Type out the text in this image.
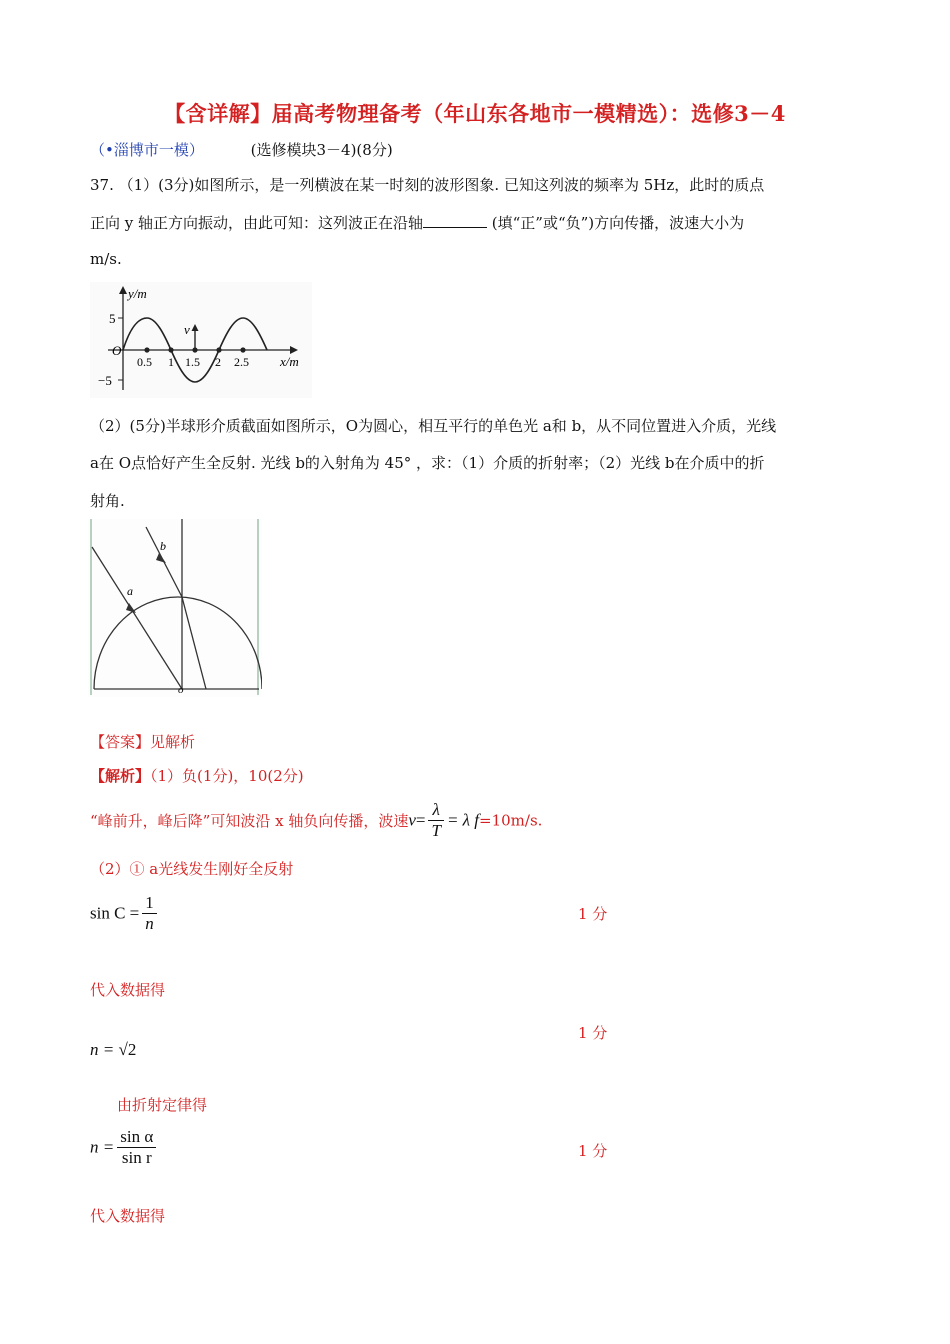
【含详解】届高考物理备考（年山东各地市一模精选）：选修3－4
（•淄博市一模）	(选修模块3－4)(8分)
37. （1）(3分)如图所示，是一列横波在某一时刻的波形图象. 已知这列波的频率为 5Hz，此时的质点
正向 y 轴正方向振动，由此可知：这列波正在沿轴	(填“正”或“负”)方向传播，波速大小为
m/s.
y/m
x/m
O
v
5
−5
0.5 1 1.5 2 2.5
（2）(5分)半球形介质截面如图所示，O为圆心，相互平行的单色光 a和 b，从不同位置进入介质，光线
a在 O点恰好产生全反射. 光线 b的入射角为 45° ，求：（1）介质的折射率；（2）光线 b在介质中的折
射角.
a
b
o
【答案】见解析
【解析】（1）负(1分)，10(2分)
“峰前升，峰后降”可知波沿 x 轴负向传播，波速$v= \frac{\lambda}{T} = \lambda$ f=10m/s.
（2）① a光线发生刚好全反射
$\sin C = \frac{1}{n}$	1 分
代入数据得
1 分
n = √2
由折射定律得
$n = \frac{\text{sin α}}{\text{sin r}}$	1 分
代入数据得
